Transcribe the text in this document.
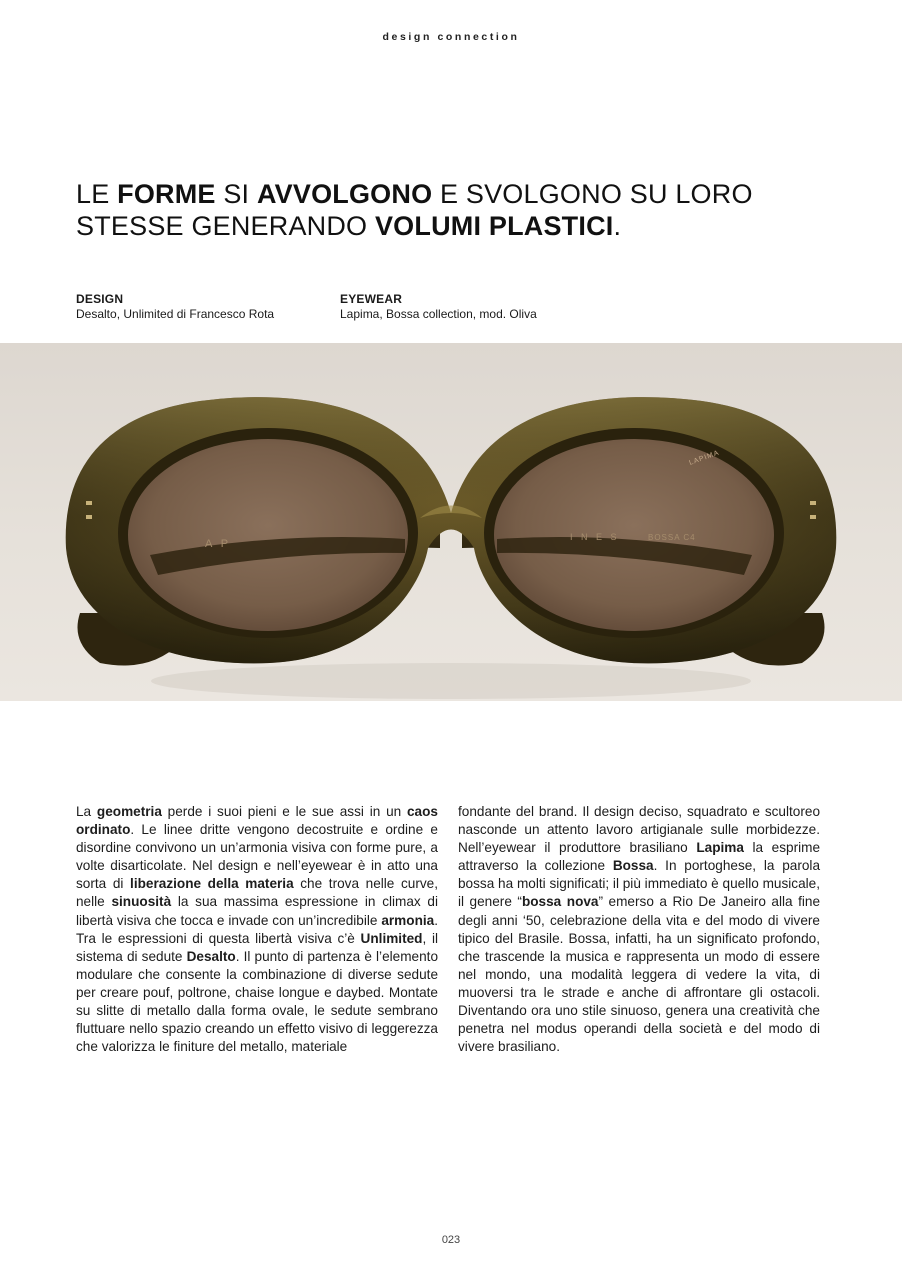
design connection
LE FORME SI AVVOLGONO E SVOLGONO SU LORO STESSE GENERANDO VOLUMI PLASTICI.
DESIGN
Desalto, Unlimited di Francesco Rota
EYEWEAR
Lapima, Bossa collection, mod. Oliva
A P
I N E S	BOSSA C4
LAPIMA

La geometria perde i suoi pieni e le sue assi in un caos ordinato. Le linee dritte vengono decostruite e ordine e disordine convivono un un’armonia visiva con forme pure, a volte disarticolate. Nel design e nell’eyewear è in atto una sorta di liberazione della materia che trova nelle curve, nelle sinuosità la sua massima espressione in climax di libertà visiva che tocca e invade con un’incredibile armonia. Tra le espressioni di questa libertà visiva c’è Unlimited, il sistema di sedute Desalto. Il punto di partenza è l’elemento modulare che consente la combinazione di diverse sedute per creare pouf, poltrone, chaise longue e daybed. Montate su slitte di metallo dalla forma ovale, le sedute sembrano fluttuare nello spazio creando un effetto visivo di leggerezza che valorizza le finiture del metallo, materiale

fondante del brand. Il design deciso, squadrato e scultoreo nasconde un attento lavoro artigianale sulle morbidezze. Nell’eyewear il produttore brasiliano Lapima la esprime attraverso la collezione Bossa. In portoghese, la parola bossa ha molti significati; il più immediato è quello musicale, il genere “bossa nova” emerso a Rio De Janeiro alla fine degli anni ‘50, celebrazione della vita e del modo di vivere tipico del Brasile. Bossa, infatti, ha un significato profondo, che trascende la musica e rappresenta un modo di essere nel mondo, una modalità leggera di vedere la vita, di muoversi tra le strade e anche di affrontare gli ostacoli. Diventando ora uno stile sinuoso, genera una creatività che penetra nel modus operandi della società e del modo di vivere brasiliano.

023
